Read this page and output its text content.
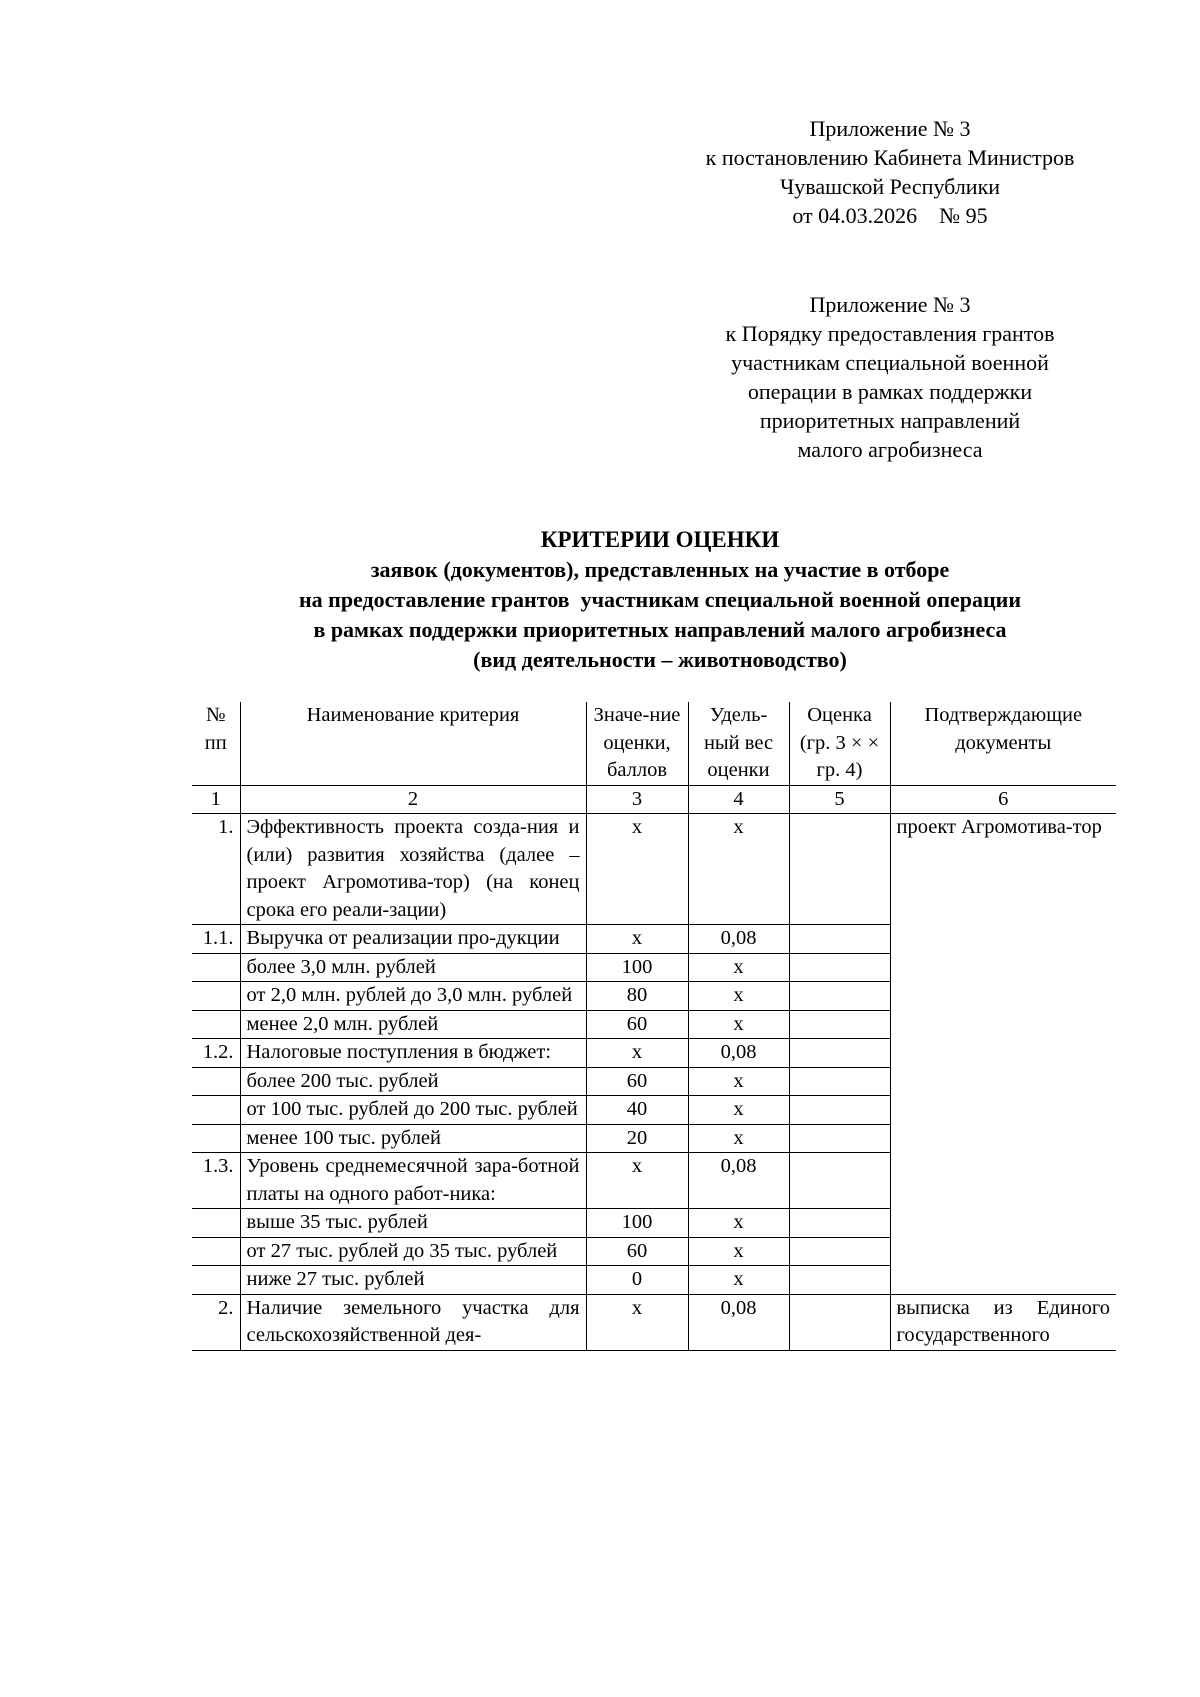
Приложение № 3
к постановлению Кабинета Министров
Чувашской Республики
от 04.03.2026    № 95
Приложение № 3
к Порядку предоставления грантов
участникам специальной военной
операции в рамках поддержки
приоритетных направлений
малого агробизнеса
КРИТЕРИИ ОЦЕНКИ
заявок (документов), представленных на участие в отборе
на предоставление грантов  участникам специальной военной операции
в рамках поддержки приоритетных направлений малого агробизнеса
(вид деятельности – животноводство)
№ пп	Наименование критерия	Значе-ние оценки, баллов	Удель-ный вес оценки	Оценка (гр. 3 × × гр. 4)	Подтверждающие документы
1	2	3	4	5	6
1.	Эффективность проекта созда-ния и (или) развития хозяйства (далее – проект Агромотива-тор) (на конец срока его реали-зации)	х	х		проект Агромотива-тор
1.1.	Выручка от реализации про-дукции	х	0,08		
	более 3,0 млн. рублей	100	х		
	от 2,0 млн. рублей до 3,0 млн. рублей	80	х		
	менее 2,0 млн. рублей	60	х		
1.2.	Налоговые поступления в бюджет:	х	0,08		
	более 200 тыс. рублей	60	х		
	от 100 тыс. рублей до 200 тыс. рублей	40	х		
	менее 100 тыс. рублей	20	х		
1.3.	Уровень среднемесячной зара-ботной платы на одного работ-ника:	х	0,08		
	выше 35 тыс. рублей	100	х		
	от 27 тыс. рублей до 35 тыс. рублей	60	х		
	ниже 27 тыс. рублей	0	х		
2.	Наличие земельного участка для сельскохозяйственной дея-	х	0,08		выписка из Единого государственного
